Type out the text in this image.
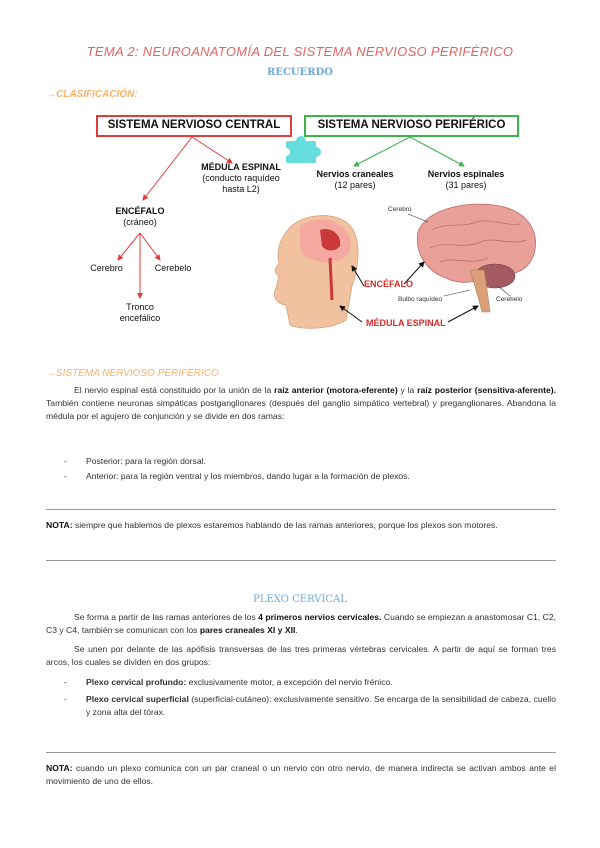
TEMA 2: NEUROANATOMÍA DEL SISTEMA NERVIOSO PERIFÉRICO
RECUERDO
→CLASIFICACIÓN:
SISTEMA NERVIOSO CENTRAL	SISTEMA NERVIOSO PERIFÉRICO
MÉDULA ESPINAL
(conducto raquídeo hasta L2)
ENCÉFALO
(cráneo)
Cerebro	Cerebelo
Tronco encefálico
Nervios craneales
(12 pares)
Nervios espinales
(31 pares)
Cerebro
ENCÉFALO
Bulbo raquídeo	Cerebelo
MÉDULA ESPINAL
→SISTEMA NERVIOSO PERIFÉRICO
El nervio espinal está constituido por la unión de la raíz anterior (motora-eferente) y la raíz posterior (sensitiva-aferente). También contiene neuronas simpáticas postganglionares (después del ganglio simpático vertebral) y preganglionares. Abandona la médula por el agujero de conjunción y se divide en dos ramas:
-	Posterior: para la región dorsal.
-	Anterior: para la región ventral y los miembros, dando lugar a la formación de plexos.
NOTA: siempre que hablemos de plexos estaremos hablando de las ramas anteriores, porque los plexos son motores.
PLEXO CERVICAL
Se forma a partir de las ramas anteriores de los 4 primeros nervios cervicales. Cuando se empiezan a anastomosar C1, C2, C3 y C4, también se comunican con los pares craneales XI y XII.
Se unen por delante de las apófisis transversas de las tres primeras vértebras cervicales. A partir de aquí se forman tres arcos, los cuales se dividen en dos grupos:
-	Plexo cervical profundo: exclusivamente motor, a excepción del nervio frénico.
-	Plexo cervical superficial (superficial-cutáneo): exclusivamente sensitivo. Se encarga de la sensibilidad de cabeza, cuello y zona alta del tórax.
NOTA: cuando un plexo comunica con un par craneal o un nervio con otro nervio, de manera indirecta se activan ambos ante el movimiento de uno de ellos.
